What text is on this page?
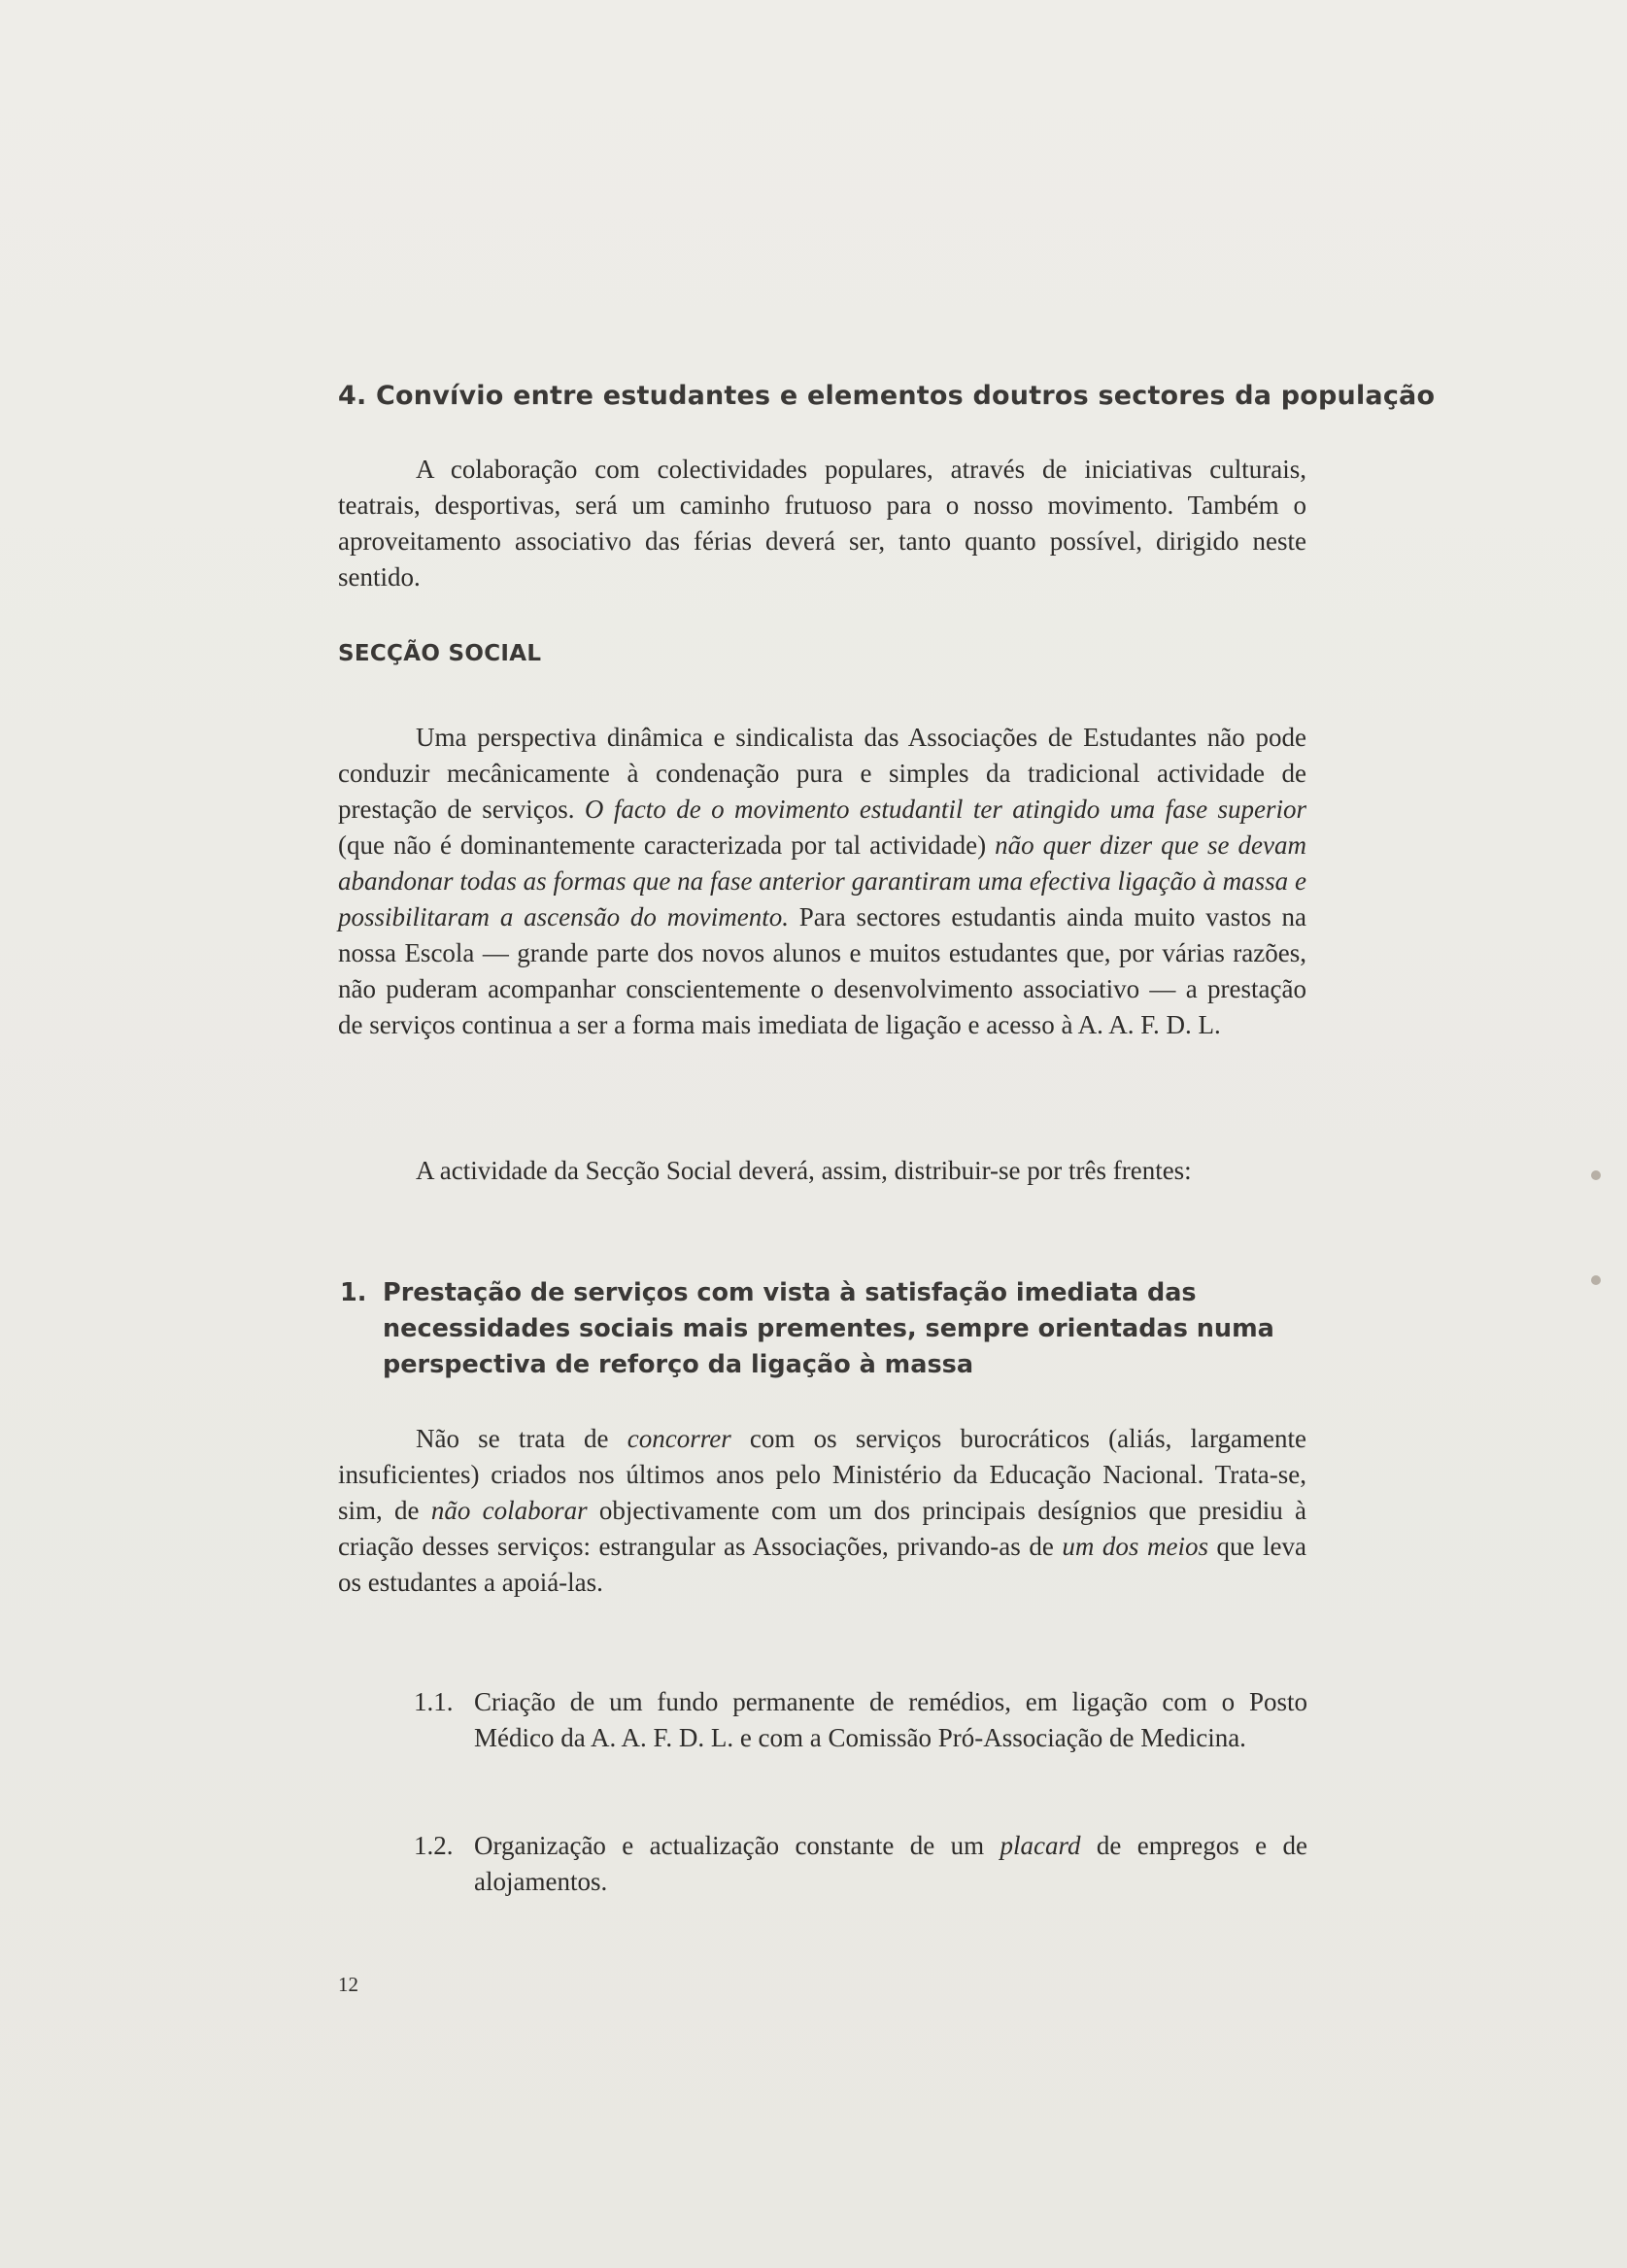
4. Convívio entre estudantes e elementos doutros sectores da população

A colaboração com colectividades populares, através de iniciativas culturais, teatrais, desportivas, será um caminho frutuoso para o nosso movimento. Também o aproveitamento associativo das férias deverá ser, tanto quanto possível, dirigido neste sentido.

SECÇÃO SOCIAL

Uma perspectiva dinâmica e sindicalista das Associações de Estudantes não pode conduzir mecânicamente à condenação pura e simples da tradicional actividade de prestação de serviços. O facto de o movimento estudantil ter atingido uma fase superior (que não é dominantemente caracterizada por tal actividade) não quer dizer que se devam abandonar todas as formas que na fase anterior garantiram uma efectiva ligação à massa e possibilitaram a ascensão do movimento. Para sectores estudantis ainda muito vastos na nossa Escola — grande parte dos novos alunos e muitos estudantes que, por várias razões, não puderam acompanhar conscientemente o desenvolvimento associativo — a prestação de serviços continua a ser a forma mais imediata de ligação e acesso à A. A. F. D. L.

A actividade da Secção Social deverá, assim, distribuir-se por três frentes:

1. Prestação de serviços com vista à satisfação imediata das necessidades sociais mais prementes, sempre orientadas numa perspectiva de reforço da ligação à massa

Não se trata de concorrer com os serviços burocráticos (aliás, largamente insuficientes) criados nos últimos anos pelo Ministério da Educação Nacional. Trata-se, sim, de não colaborar objectivamente com um dos principais desígnios que presidiu à criação desses serviços: estrangular as Associações, privando-as de um dos meios que leva os estudantes a apoiá-las.

1.1. Criação de um fundo permanente de remédios, em ligação com o Posto Médico da A. A. F. D. L. e com a Comissão Pró-Associação de Medicina.
1.2. Organização e actualização constante de um placard de empregos e de alojamentos.
12
